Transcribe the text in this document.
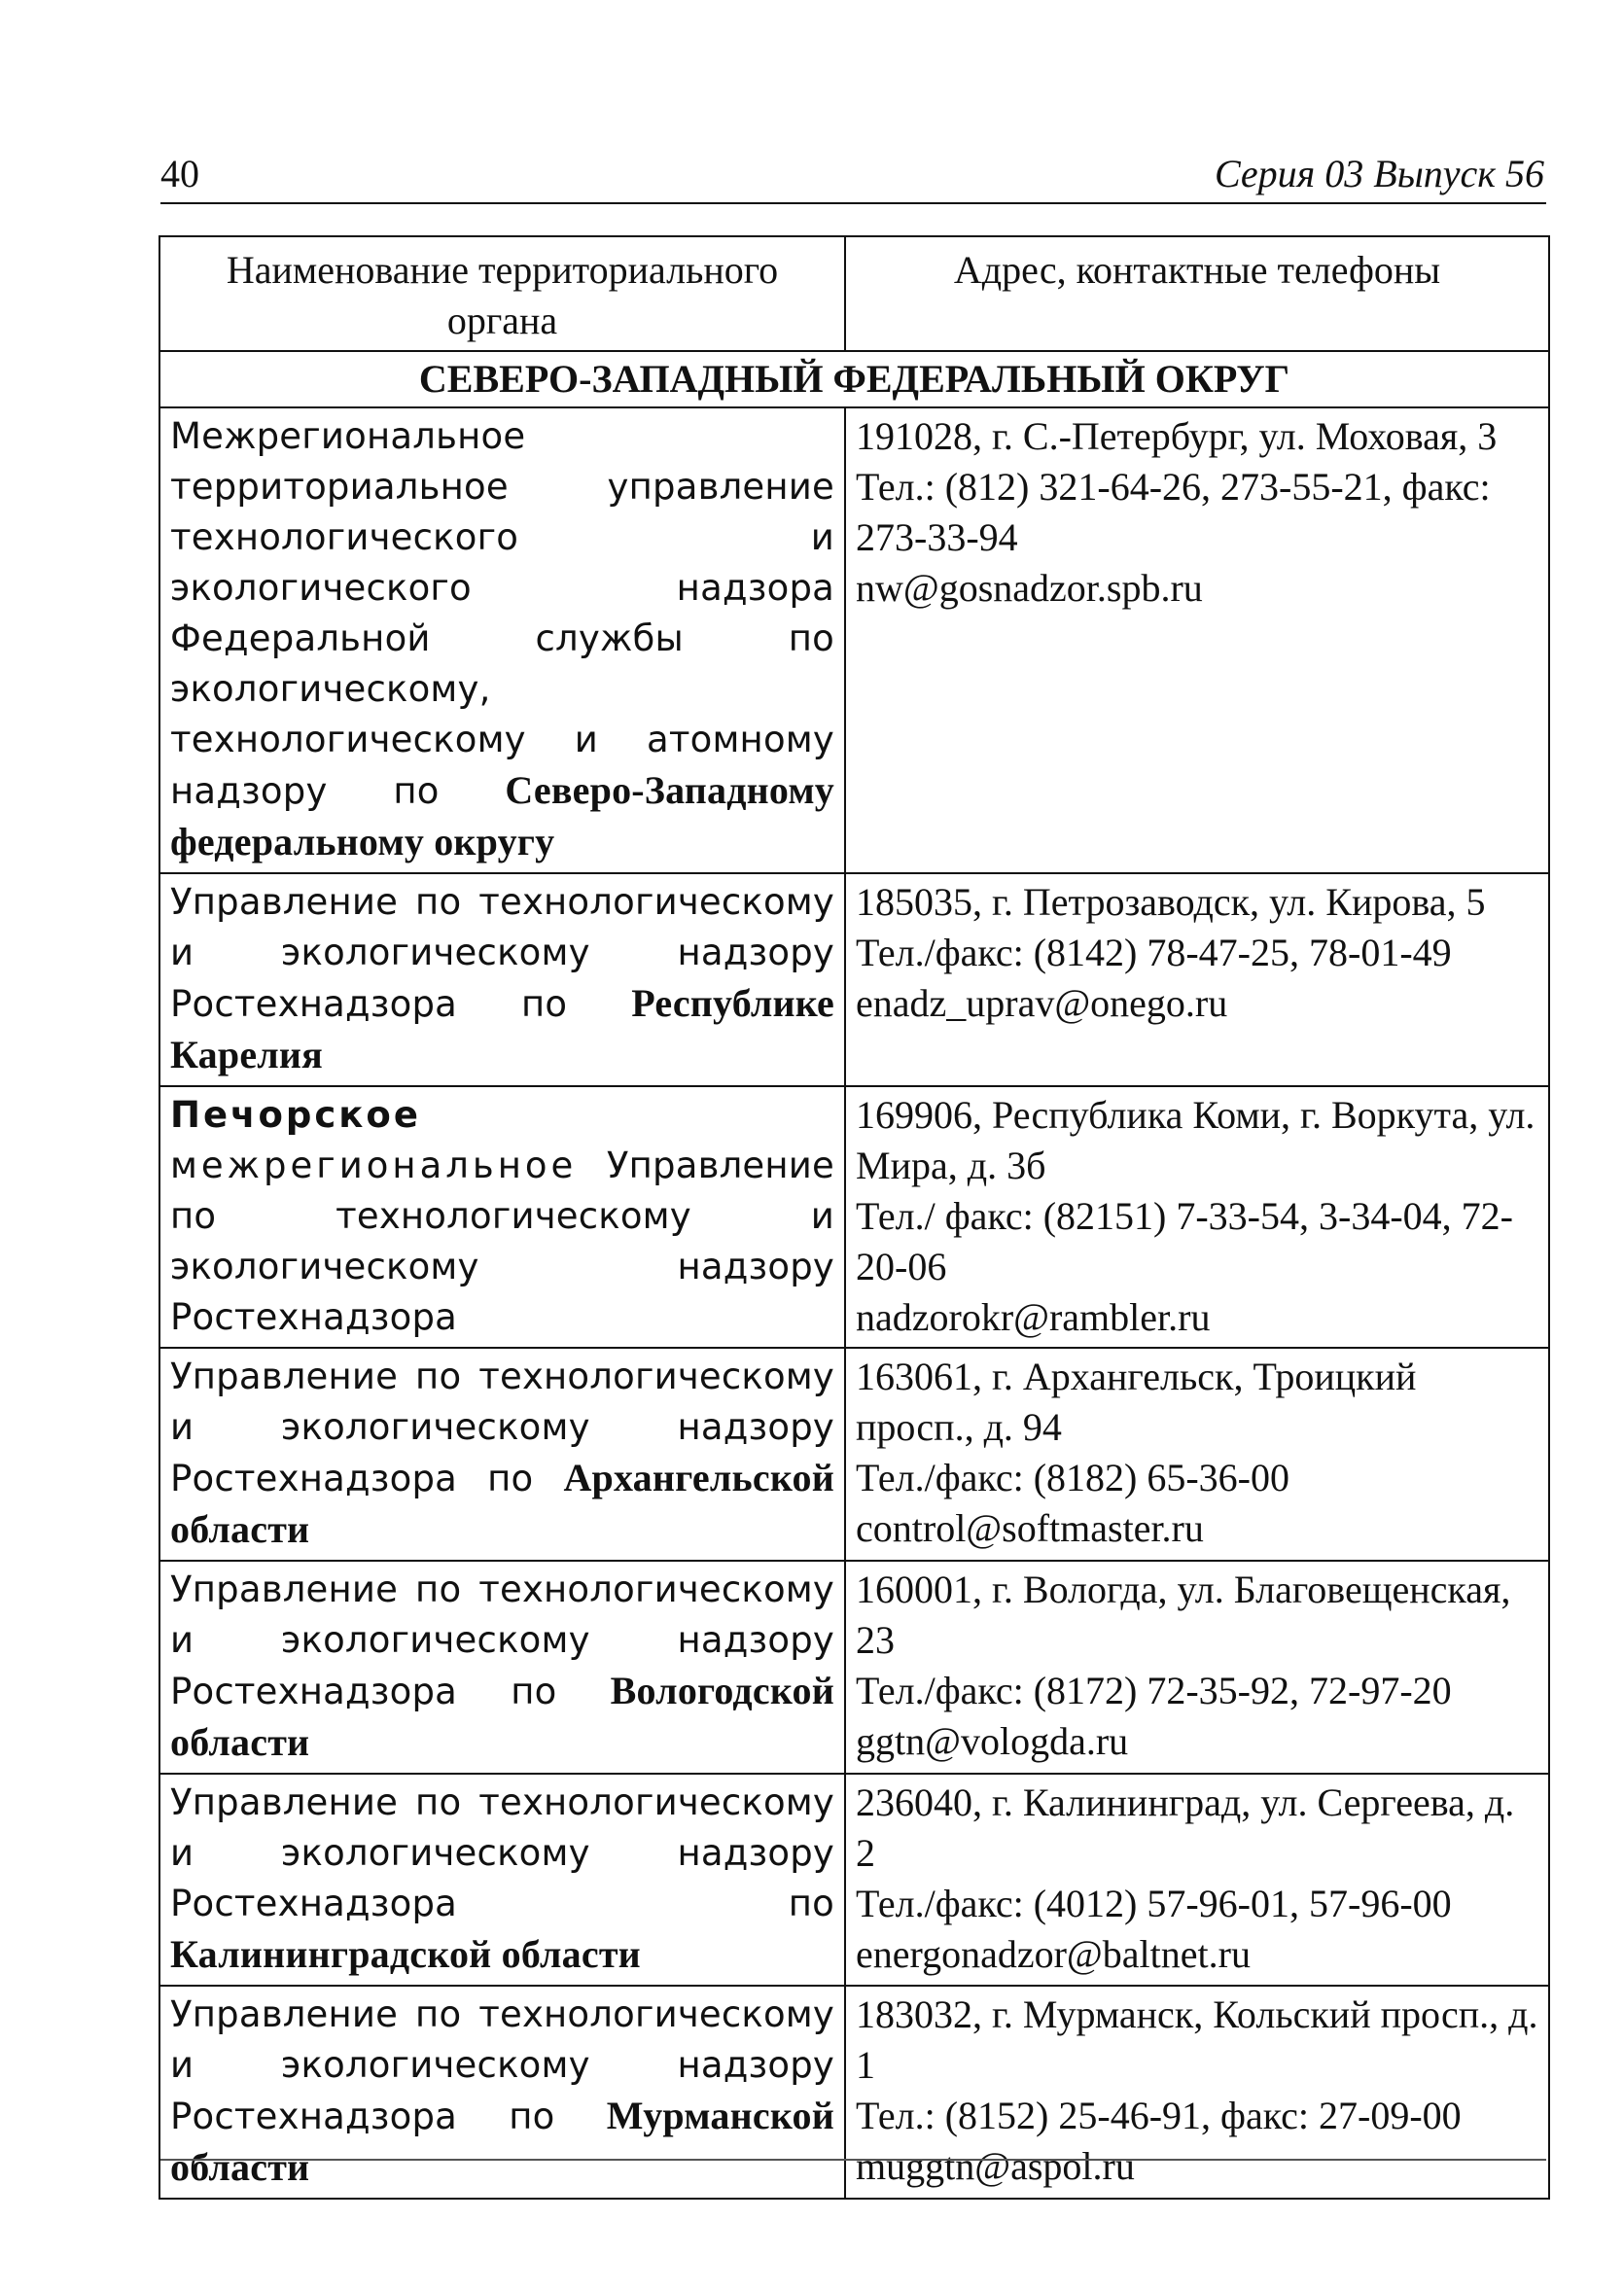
40	Серия 03 Выпуск 56
Наименование территориального органа	Адрес, контактные телефоны
СЕВЕРО-ЗАПАДНЫЙ ФЕДЕРАЛЬНЫЙ ОКРУГ	
Межрегиональное территориальное управление технологического и экологического надзора Федеральной службы по экологическому, технологическому и атомному надзору по Северо-Западному федеральному округу	191028, г. С.-Петербург, ул. Моховая, 3
Тел.: (812) 321-64-26, 273-55-21, факс: 273-33-94
nw@gosnadzor.spb.ru

Управление по технологическому и экологическому надзору Ростехнадзора по Республике Карелия	185035, г. Петрозаводск, ул. Кирова, 5
Тел./факс: (8142) 78-47-25, 78-01-49
enadz_uprav@onego.ru

Печорское межрегиональное Управление по технологическому и экологическому надзору Ростехнадзора	169906, Республика Коми, г. Воркута, ул. Мира, д. 3б
Тел./ факс: (82151) 7-33-54, 3-34-04, 72-20-06
nadzorokr@rambler.ru

Управление по технологическому и экологическому надзору Ростехнадзора по Архангельской области	163061, г. Архангельск, Троицкий просп., д. 94
Тел./факс: (8182) 65-36-00
control@softmaster.ru

Управление по технологическому и экологическому надзору Ростехнадзора по Вологодской области	160001, г. Вологда, ул. Благовещенская, 23
Тел./факс: (8172) 72-35-92, 72-97-20
ggtn@vologda.ru

Управление по технологическому и экологическому надзору Ростехнадзора по Калининградской области	236040, г. Калининград, ул. Сергеева, д. 2
Тел./факс: (4012) 57-96-01, 57-96-00
energonadzor@baltnet.ru

Управление по технологическому и экологическому надзору Ростехнадзора по Мурманской области	183032, г. Мурманск, Кольский просп., д. 1
Тел.: (8152) 25-46-91, факс: 27-09-00
muggtn@aspol.ru
